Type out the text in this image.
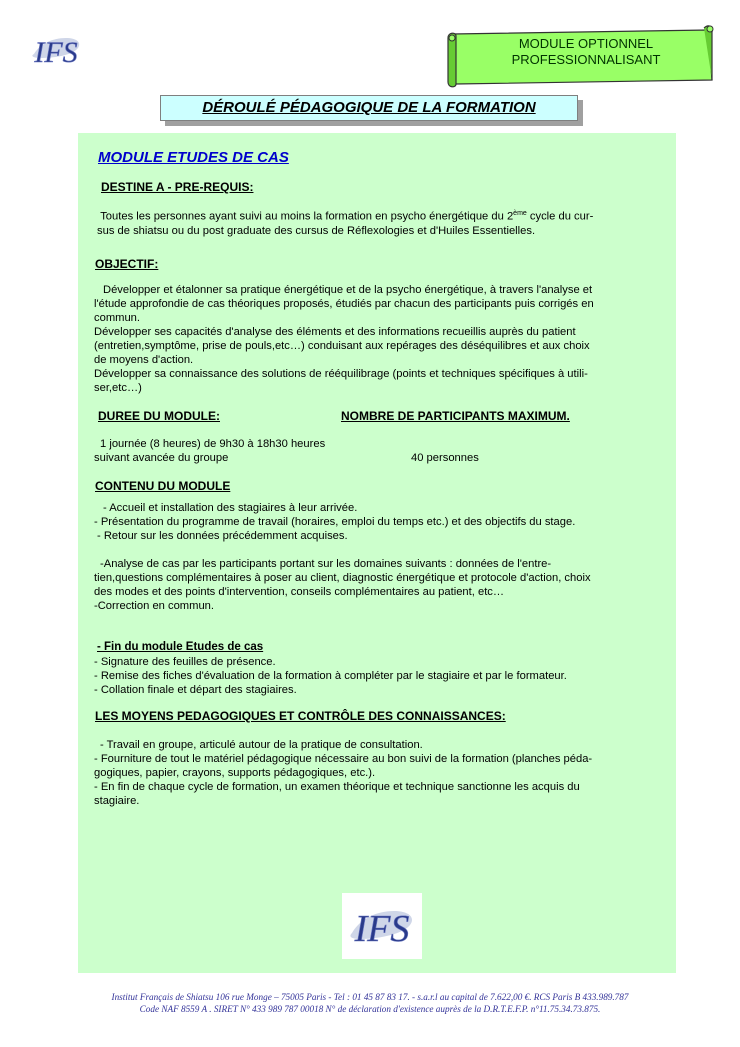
IFS	MODULE OPTIONNEL
PROFESSIONNALISANT
DÉROULÉ PÉDAGOGIQUE DE LA FORMATION
MODULE ETUDES DE CAS
DESTINE A - PRE-REQUIS:
Toutes les personnes ayant suivi au moins la formation en psycho énergétique du 2ème cycle du cur-
sus de shiatsu ou du post graduate des cursus de Réflexologies et d'Huiles Essentielles.
OBJECTIF:
Développer et étalonner sa pratique énergétique et de la psycho énergétique, à travers l'analyse et
l'étude approfondie de cas théoriques proposés, étudiés par chacun des participants puis corrigés en
commun.
Développer ses capacités d'analyse des éléments et des informations recueillis auprès du patient
(entretien,symptôme, prise de pouls,etc…) conduisant aux repérages des déséquilibres et aux choix
de moyens d'action.
Développer sa connaissance des solutions de rééquilibrage (points et techniques spécifiques à utili-
ser,etc…)
DUREE DU MODULE:	NOMBRE DE PARTICIPANTS MAXIMUM.
1 journée (8 heures) de 9h30 à 18h30 heures
suivant avancée du groupe	40 personnes
CONTENU DU MODULE
- Accueil et installation des stagiaires à leur arrivée.
- Présentation du programme de travail (horaires, emploi du temps etc.) et des objectifs du stage.
- Retour sur les données précédemment acquises.
-Analyse de cas par les participants portant sur les domaines suivants : données de l'entre-
tien,questions complémentaires à poser au client, diagnostic énergétique et protocole d'action, choix
des modes et des points d'intervention, conseils complémentaires au patient, etc…
-Correction en commun.
- Fin du module Etudes de cas
- Signature des feuilles de présence.
- Remise des fiches d'évaluation de la formation à compléter par le stagiaire et par le formateur.
- Collation finale et départ des stagiaires.
LES MOYENS PEDAGOGIQUES ET CONTRÔLE DES CONNAISSANCES:
- Travail en groupe, articulé autour de la pratique de consultation.
- Fourniture de tout le matériel pédagogique nécessaire au bon suivi de la formation (planches péda-
gogiques, papier, crayons, supports pédagogiques, etc.).
- En fin de chaque cycle de formation, un examen théorique et technique sanctionne les acquis du
stagiaire.
IFS
Institut Français de Shiatsu 106 rue Monge – 75005 Paris - Tel : 01 45 87 83 17. - s.a.r.l au capital de 7.622,00 €. RCS Paris B 433.989.787
Code NAF 8559 A . SIRET N° 433 989 787 00018 N° de déclaration d'existence auprès de la D.R.T.E.F.P. n°11.75.34.73.875.
